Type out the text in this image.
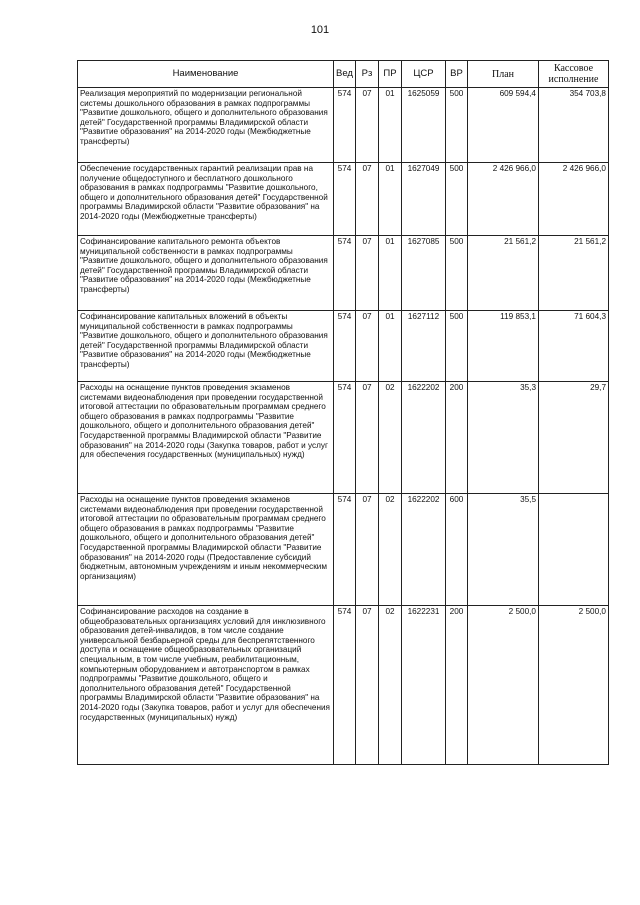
101
Наименование	Вед	Рз	ПР	ЦСР	ВР	План	Кассовое исполнение
Реализация мероприятий по модернизации региональной системы дошкольного образования в рамках подпрограммы "Развитие дошкольного, общего и дополнительного образования детей" Государственной программы Владимирской области "Развитие образования" на 2014-2020 годы (Межбюджетные трансферты)	574	07	01	1625059	500	609 594,4	354 703,8
Обеспечение государственных гарантий реализации прав на получение общедоступного и бесплатного дошкольного образования в рамках подпрограммы "Развитие дошкольного, общего и дополнительного образования детей" Государственной программы Владимирской области "Развитие образования" на 2014-2020 годы (Межбюджетные трансферты)	574	07	01	1627049	500	2 426 966,0	2 426 966,0
Софинансирование капитального ремонта объектов муниципальной собственности в рамках подпрограммы "Развитие дошкольного, общего и дополнительного образования детей" Государственной программы Владимирской области "Развитие образования" на 2014-2020 годы (Межбюджетные трансферты)	574	07	01	1627085	500	21 561,2	21 561,2
Софинансирование капитальных вложений в объекты муниципальной собственности в рамках подпрограммы "Развитие дошкольного, общего и дополнительного образования детей" Государственной программы Владимирской области "Развитие образования" на 2014-2020 годы (Межбюджетные трансферты)	574	07	01	1627112	500	119 853,1	71 604,3
Расходы на оснащение пунктов проведения экзаменов системами видеонаблюдения при проведении государственной итоговой аттестации по образовательным программам среднего общего образования в рамках подпрограммы "Развитие дошкольного, общего и дополнительного образования детей" Государственной программы Владимирской области "Развитие образования" на 2014-2020 годы (Закупка товаров, работ и услуг для обеспечения государственных (муниципальных) нужд)	574	07	02	1622202	200	35,3	29,7
Расходы на оснащение пунктов проведения экзаменов системами видеонаблюдения при проведении государственной итоговой аттестации по образовательным программам среднего общего образования в рамках подпрограммы "Развитие дошкольного, общего и дополнительного образования детей" Государственной программы Владимирской области "Развитие образования" на 2014-2020 годы (Предоставление субсидий бюджетным, автономным учреждениям и иным некоммерческим организациям)	574	07	02	1622202	600	35,5	
Софинансирование расходов на создание в общеобразовательных организациях условий для инклюзивного образования детей-инвалидов, в том числе создание универсальной безбарьерной среды для беспрепятственного доступа и оснащение общеобразовательных организаций специальным, в том числе учебным, реабилитационным, компьютерным оборудованием и автотранспортом в рамках подпрограммы "Развитие дошкольного, общего и дополнительного образования детей" Государственной программы Владимирской области "Развитие образования" на 2014-2020 годы (Закупка товаров, работ и услуг для обеспечения государственных (муниципальных) нужд)	574	07	02	1622231	200	2 500,0	2 500,0
